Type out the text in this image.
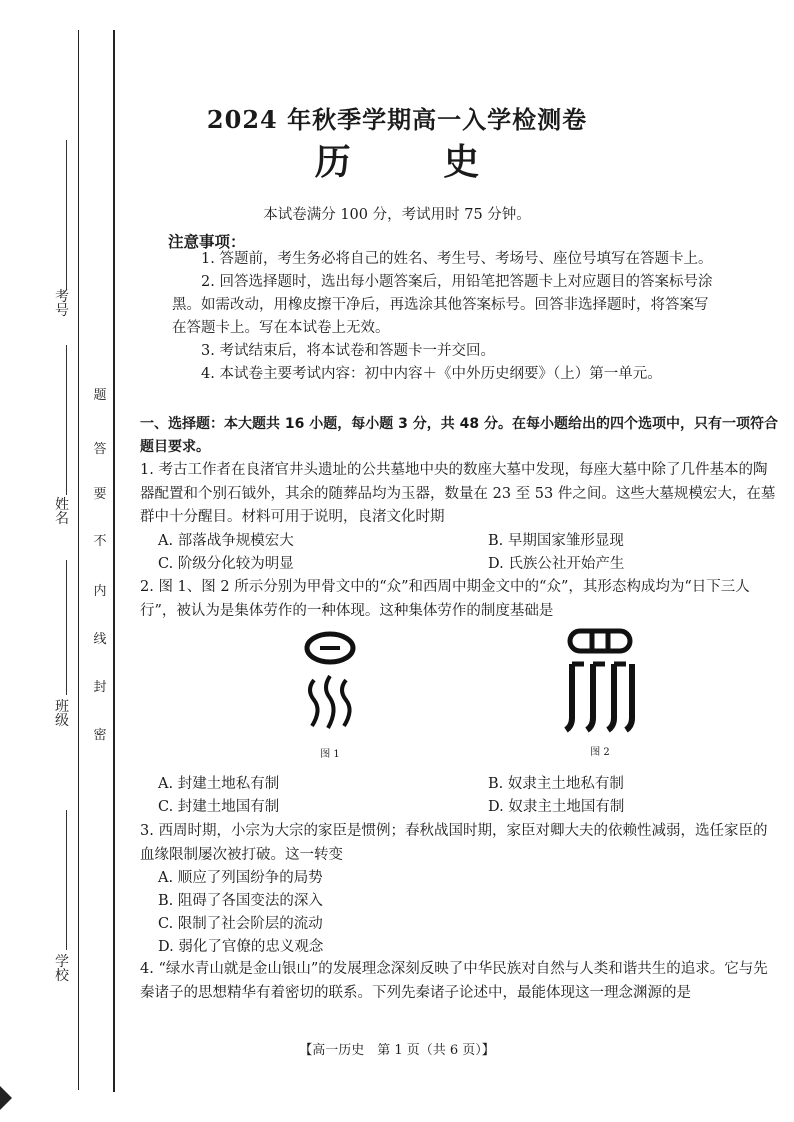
考号
姓名
班级
学校
题
答
要
不
内
线
封
密
2024 年秋季学期高一入学检测卷
历 史
本试卷满分 100 分，考试用时 75 分钟。
注意事项：
1. 答题前，考生务必将自己的姓名、考生号、考场号、座位号填写在答题卡上。
2. 回答选择题时，选出每小题答案后，用铅笔把答题卡上对应题目的答案标号涂黑。如需改动，用橡皮擦干净后，再选涂其他答案标号。回答非选择题时，将答案写在答题卡上。写在本试卷上无效。
3. 考试结束后，将本试卷和答题卡一并交回。
4. 本试卷主要考试内容：初中内容＋《中外历史纲要》（上）第一单元。
一、选择题：本大题共 16 小题，每小题 3 分，共 48 分。在每小题给出的四个选项中，只有一项符合题目要求。
1. 考古工作者在良渚官井头遗址的公共墓地中央的数座大墓中发现，每座大墓中除了几件基本的陶器配置和个别石钺外，其余的随葬品均为玉器，数量在 23 至 53 件之间。这些大墓规模宏大，在墓群中十分醒目。材料可用于说明，良渚文化时期
A. 部落战争规模宏大	B. 早期国家雏形显现
C. 阶级分化较为明显	D. 氏族公社开始产生
2. 图 1、图 2 所示分别为甲骨文中的“众”和西周中期金文中的“众”，其形态构成均为“日下三人行”，被认为是集体劳作的一种体现。这种集体劳作的制度基础是
图 1	图 2
A. 封建土地私有制	B. 奴隶主土地私有制
C. 封建土地国有制	D. 奴隶主土地国有制
3. 西周时期，小宗为大宗的家臣是惯例；春秋战国时期，家臣对卿大夫的依赖性减弱，选任家臣的血缘限制屡次被打破。这一转变
A. 顺应了列国纷争的局势
B. 阻碍了各国变法的深入
C. 限制了社会阶层的流动
D. 弱化了官僚的忠义观念
4. “绿水青山就是金山银山”的发展理念深刻反映了中华民族对自然与人类和谐共生的追求。它与先秦诸子的思想精华有着密切的联系。下列先秦诸子论述中，最能体现这一理念渊源的是
【高一历史　第 1 页（共 6 页）】
